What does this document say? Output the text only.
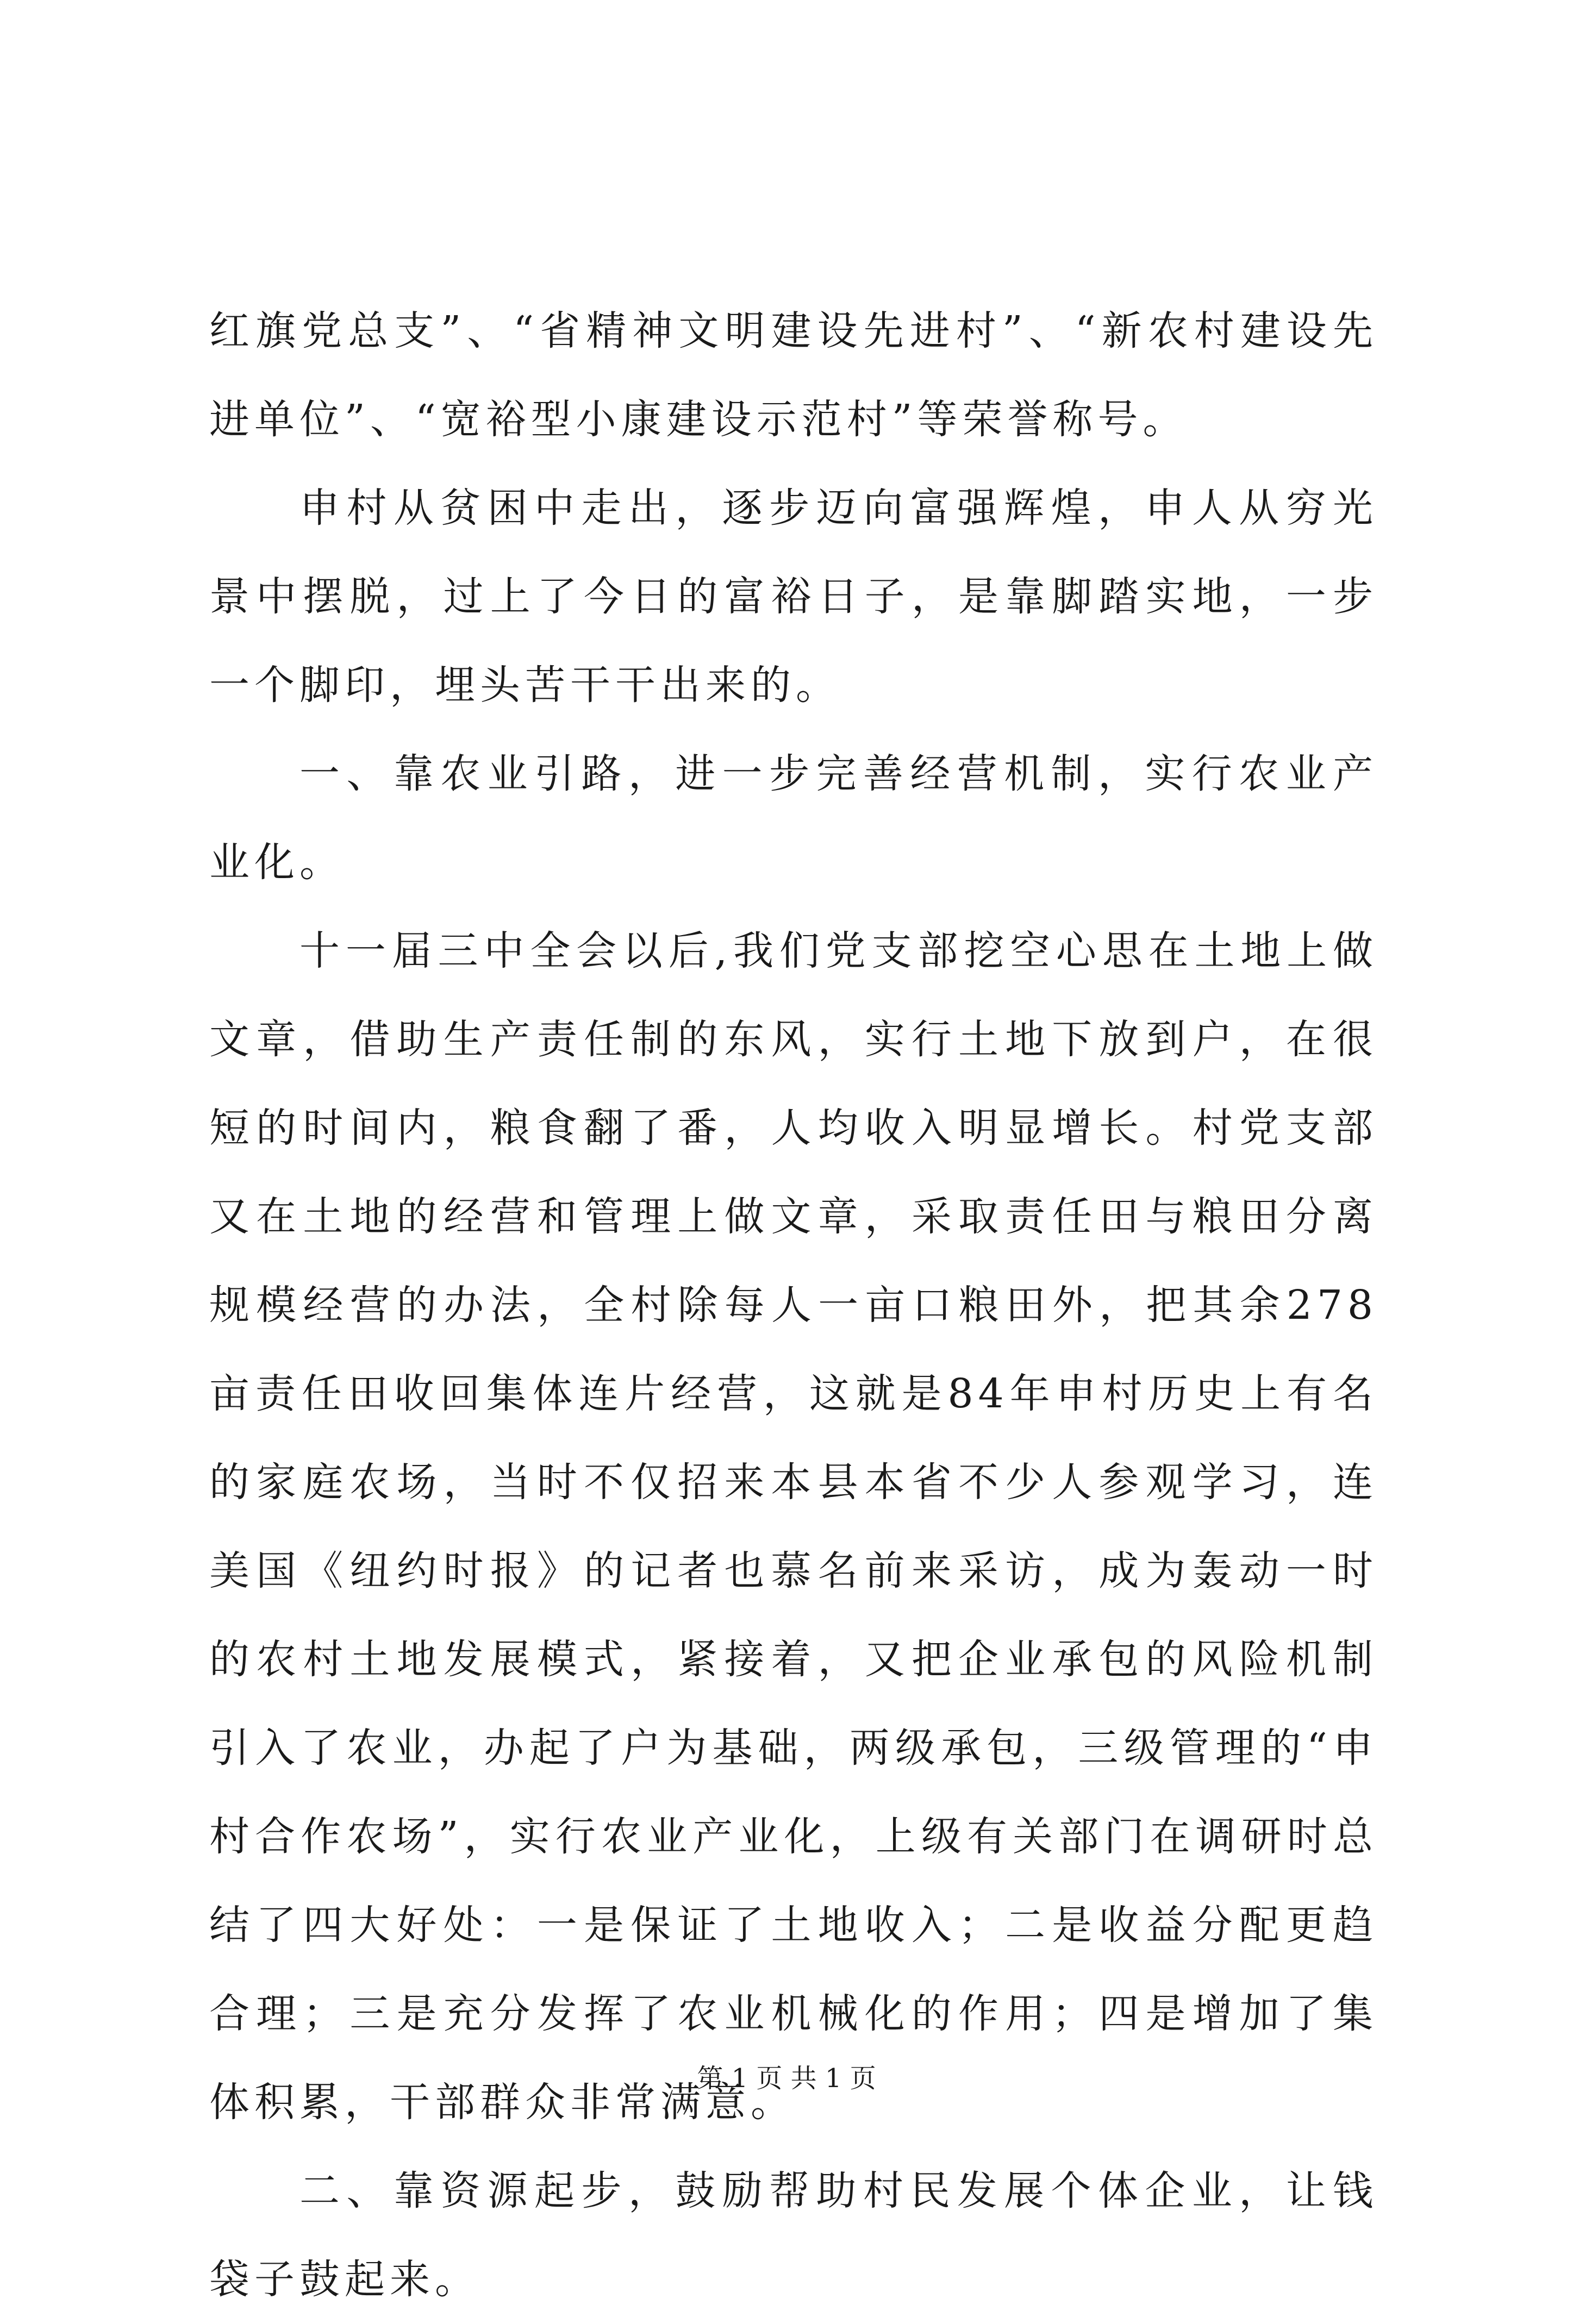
红旗党总支”、“省精神文明建设先进村”、“新农村建设先进单位”、“宽裕型小康建设示范村”等荣誉称号。

申村从贫困中走出，逐步迈向富强辉煌，申人从穷光景中摆脱，过上了今日的富裕日子，是靠脚踏实地，一步一个脚印，埋头苦干干出来的。

一、靠农业引路，进一步完善经营机制，实行农业产业化。

十一届三中全会以后,我们党支部挖空心思在土地上做文章，借助生产责任制的东风，实行土地下放到户，在很短的时间内，粮食翻了番，人均收入明显增长。村党支部又在土地的经营和管理上做文章，采取责任田与粮田分离规模经营的办法，全村除每人一亩口粮田外，把其余278亩责任田收回集体连片经营，这就是84年申村历史上有名的家庭农场，当时不仅招来本县本省不少人参观学习，连美国《纽约时报》的记者也慕名前来采访，成为轰动一时的农村土地发展模式，紧接着，又把企业承包的风险机制引入了农业，办起了户为基础，两级承包，三级管理的“申村合作农场”，实行农业产业化，上级有关部门在调研时总结了四大好处：一是保证了土地收入；二是收益分配更趋合理；三是充分发挥了农业机械化的作用；四是增加了集体积累，干部群众非常满意。

二、靠资源起步，鼓励帮助村民发展个体企业，让钱袋子鼓起来。

第 1 页 共 1 页
